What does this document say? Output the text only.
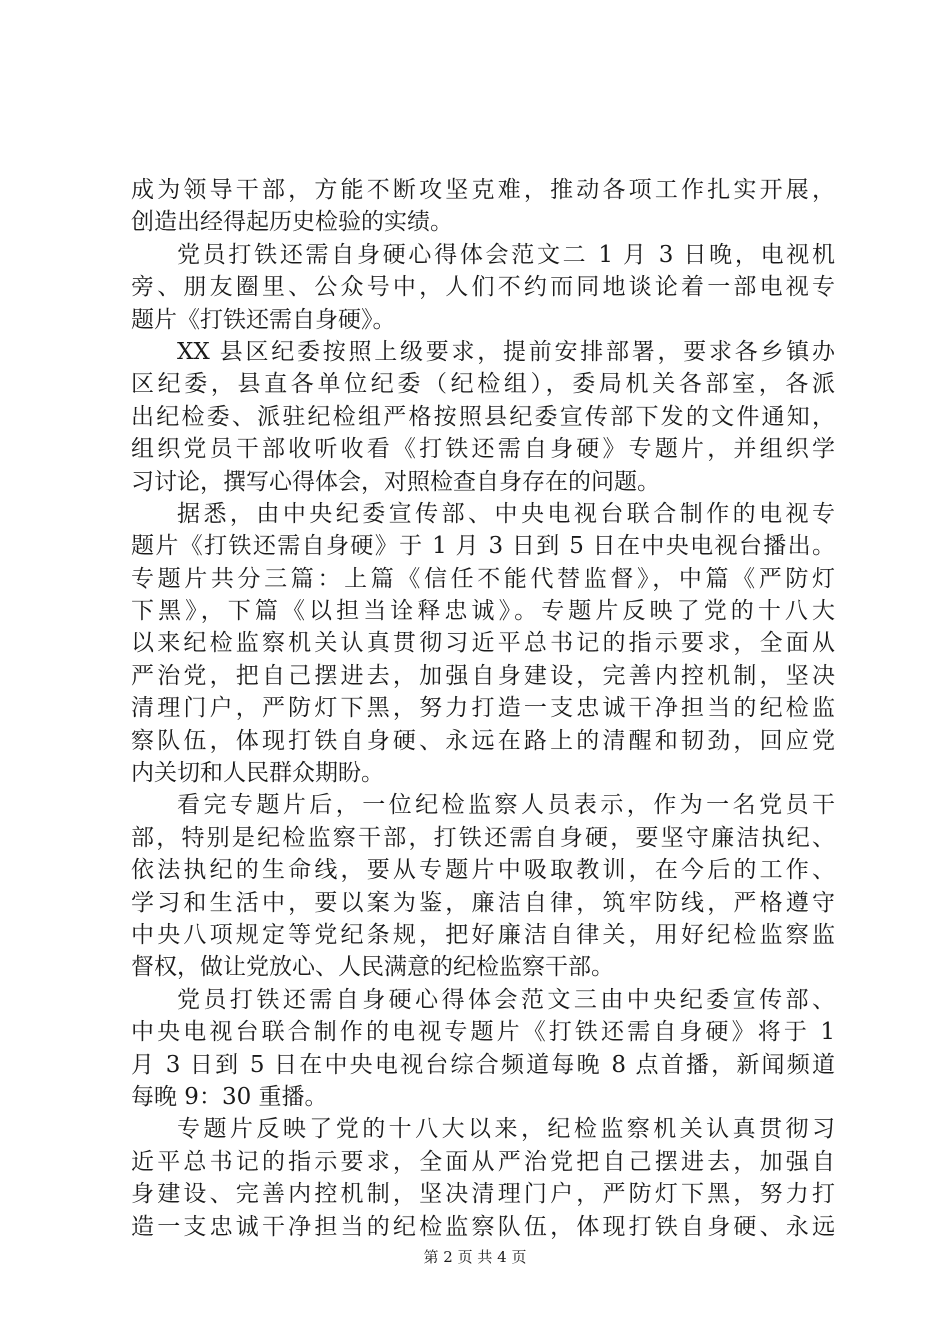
成为领导干部，方能不断攻坚克难，推动各项工作扎实开展，
创造出经得起历史检验的实绩。
党员打铁还需自身硬心得体会范文二 1 月 3 日晚，电视机
旁、朋友圈里、公众号中，人们不约而同地谈论着一部电视专
题片《打铁还需自身硬》。
XX 县区纪委按照上级要求，提前安排部署，要求各乡镇办
区纪委，县直各单位纪委（纪检组），委局机关各部室，各派
出纪检委、派驻纪检组严格按照县纪委宣传部下发的文件通知，
组织党员干部收听收看《打铁还需自身硬》专题片，并组织学
习讨论，撰写心得体会，对照检查自身存在的问题。
据悉，由中央纪委宣传部、中央电视台联合制作的电视专
题片《打铁还需自身硬》于 1 月 3 日到 5 日在中央电视台播出。
专题片共分三篇：上篇《信任不能代替监督》，中篇《严防灯
下黑》，下篇《以担当诠释忠诚》。专题片反映了党的十八大
以来纪检监察机关认真贯彻习近平总书记的指示要求，全面从
严治党，把自己摆进去，加强自身建设，完善内控机制，坚决
清理门户，严防灯下黑，努力打造一支忠诚干净担当的纪检监
察队伍，体现打铁自身硬、永远在路上的清醒和韧劲，回应党
内关切和人民群众期盼。
看完专题片后，一位纪检监察人员表示，作为一名党员干
部，特别是纪检监察干部，打铁还需自身硬，要坚守廉洁执纪、
依法执纪的生命线，要从专题片中吸取教训，在今后的工作、
学习和生活中，要以案为鉴，廉洁自律，筑牢防线，严格遵守
中央八项规定等党纪条规，把好廉洁自律关，用好纪检监察监
督权，做让党放心、人民满意的纪检监察干部。
党员打铁还需自身硬心得体会范文三由中央纪委宣传部、
中央电视台联合制作的电视专题片《打铁还需自身硬》将于 1
月 3 日到 5 日在中央电视台综合频道每晚 8 点首播，新闻频道
每晚 9：30 重播。
专题片反映了党的十八大以来，纪检监察机关认真贯彻习
近平总书记的指示要求，全面从严治党把自己摆进去，加强自
身建设、完善内控机制，坚决清理门户，严防灯下黑，努力打
造一支忠诚干净担当的纪检监察队伍，体现打铁自身硬、永远
第 2 页 共 4 页
